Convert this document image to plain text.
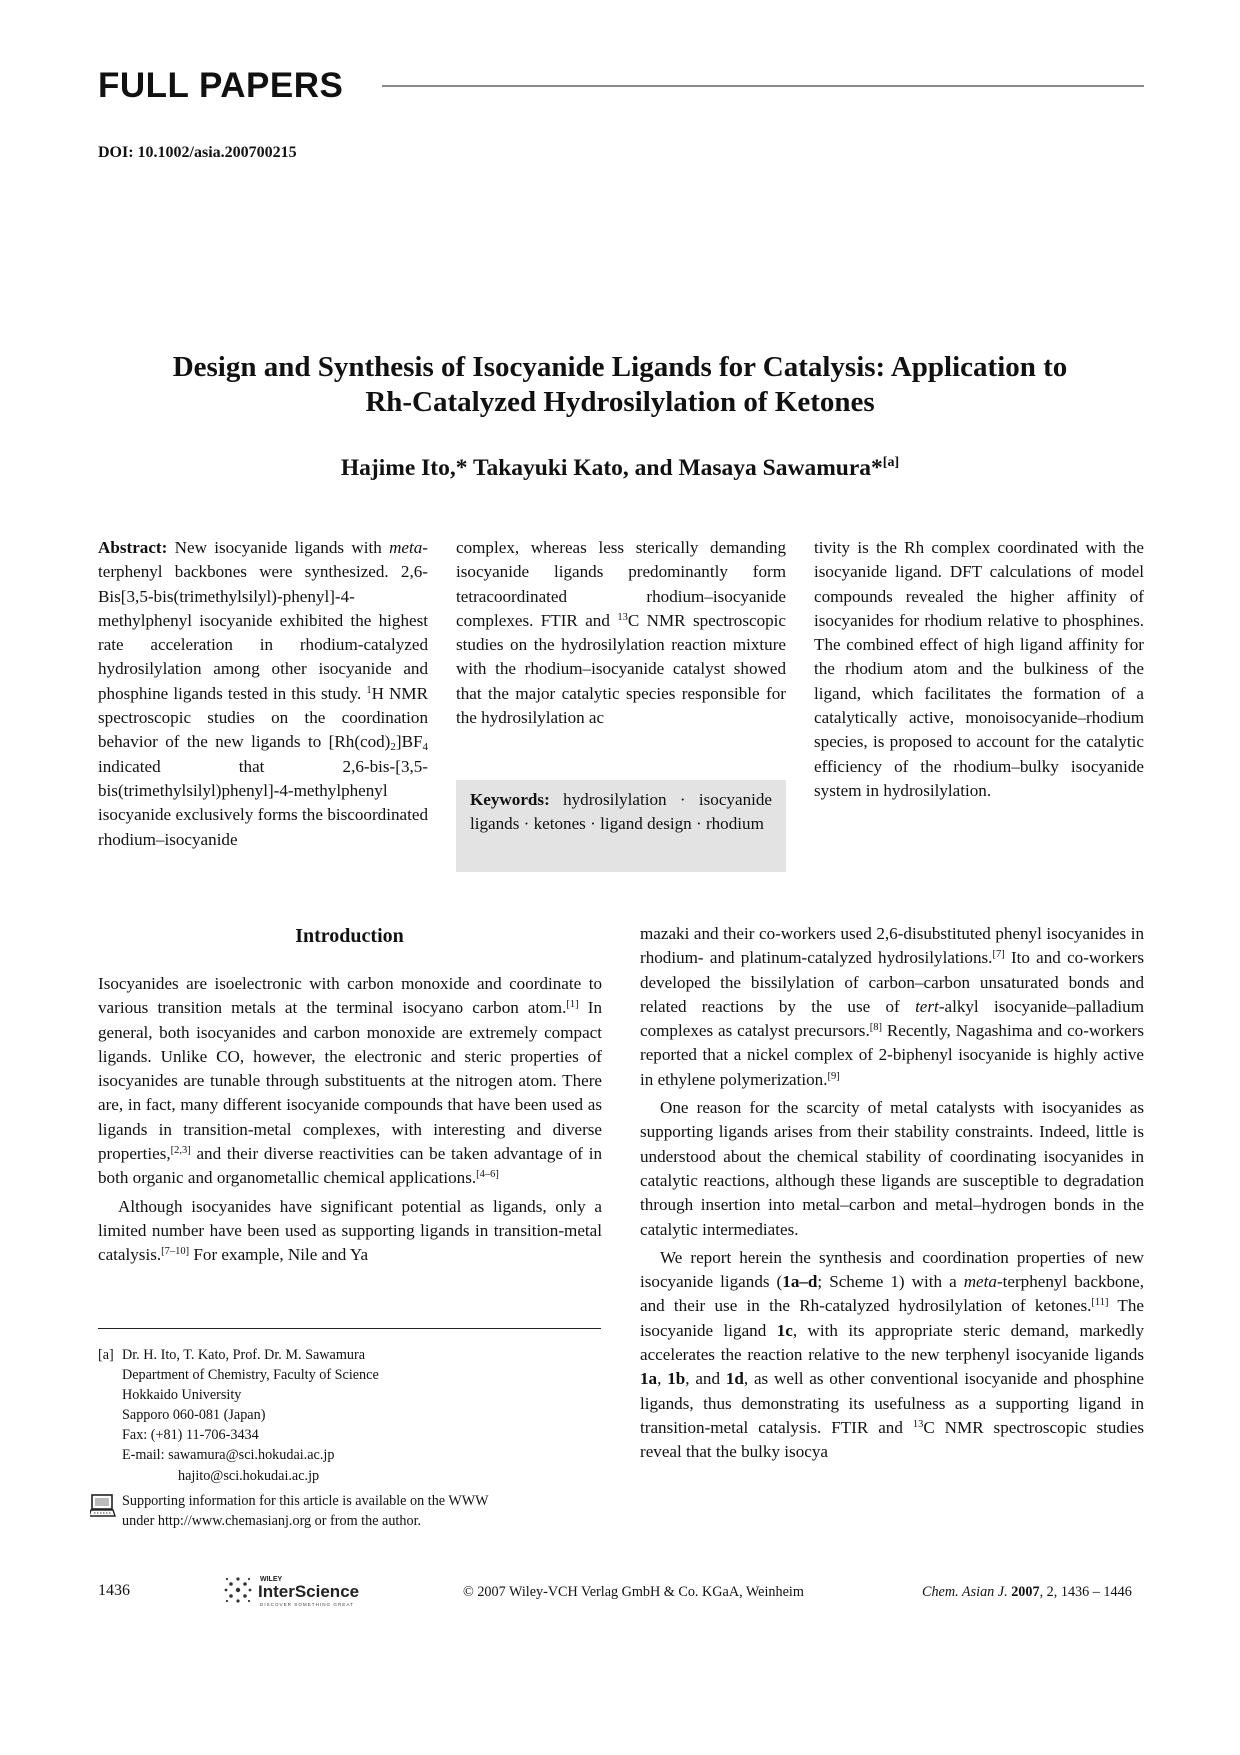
FULL PAPERS
DOI: 10.1002/asia.200700215
Design and Synthesis of Isocyanide Ligands for Catalysis: Application to
Rh-Catalyzed Hydrosilylation of Ketones
Hajime Ito,* Takayuki Kato, and Masaya Sawamura*[a]
Abstract: New isocyanide ligands with meta-terphenyl backbones were synthesized. 2,6-Bis[3,5-bis(trimethylsilyl)-phenyl]-4-methylphenyl isocyanide exhibited the highest rate acceleration in rhodium-catalyzed hydrosilylation among other isocyanide and phosphine ligands tested in this study. $^1$H NMR spectroscopic studies on the coordination behavior of the new ligands to $[Rh(cod)_2]BF_4$ indicated that 2,6-bis-[3,5-bis(trimethylsilyl)phenyl]-4-methylphenyl isocyanide exclusively forms the biscoordinated rhodium–isocyanide
complex, whereas less sterically demanding isocyanide ligands predominantly form tetracoordinated rhodium–isocyanide complexes. FTIR and $^{13}$C NMR spectroscopic studies on the hydrosilylation reaction mixture with the rhodium–isocyanide catalyst showed that the major catalytic species responsible for the hydrosilylation ac
tivity is the Rh complex coordinated with the isocyanide ligand. DFT calculations of model compounds revealed the higher affinity of isocyanides for rhodium relative to phosphines. The combined effect of high ligand affinity for the rhodium atom and the bulkiness of the ligand, which facilitates the formation of a catalytically active, monoisocyanide–rhodium species, is proposed to account for the catalytic efficiency of the rhodium–bulky isocyanide system in hydrosilylation.
Keywords: hydrosilylation · isocyanide ligands · ketones · ligand design · rhodium
Introduction

Isocyanides are isoelectronic with carbon monoxide and coordinate to various transition metals at the terminal isocyano carbon atom.[1] In general, both isocyanides and carbon monoxide are extremely compact ligands. Unlike CO, however, the electronic and steric properties of isocyanides are tunable through substituents at the nitrogen atom. There are, in fact, many different isocyanide compounds that have been used as ligands in transition-metal complexes, with interesting and diverse properties,[2,3] and their diverse reactivities can be taken advantage of in both organic and organometallic chemical applications.[4–6]

Although isocyanides have significant potential as ligands, only a limited number have been used as supporting ligands in transition-metal catalysis.[7–10] For example, Nile and Ya

mazaki and their co-workers used 2,6-disubstituted phenyl isocyanides in rhodium- and platinum-catalyzed hydrosilylations.[7] Ito and co-workers developed the bissilylation of carbon–carbon unsaturated bonds and related reactions by the use of tert-alkyl isocyanide–palladium complexes as catalyst precursors.[8] Recently, Nagashima and co-workers reported that a nickel complex of 2-biphenyl isocyanide is highly active in ethylene polymerization.[9]

One reason for the scarcity of metal catalysts with isocyanides as supporting ligands arises from their stability constraints. Indeed, little is understood about the chemical stability of coordinating isocyanides in catalytic reactions, although these ligands are susceptible to degradation through insertion into metal–carbon and metal–hydrogen bonds in the catalytic intermediates.

We report herein the synthesis and coordination properties of new isocyanide ligands (1a–d; Scheme 1) with a meta-terphenyl backbone, and their use in the Rh-catalyzed hydrosilylation of ketones.[11] The isocyanide ligand 1c, with its appropriate steric demand, markedly accelerates the reaction relative to the new terphenyl isocyanide ligands 1a, 1b, and 1d, as well as other conventional isocyanide and phosphine ligands, thus demonstrating its usefulness as a supporting ligand in transition-metal catalysis. FTIR and $^{13}$C NMR spectroscopic studies reveal that the bulky isocya

[a] Dr. H. Ito, T. Kato, Prof. Dr. M. Sawamura
Department of Chemistry, Faculty of Science
Hokkaido University
Sapporo 060-081 (Japan)
Fax: (+81) 11-706-3434
E-mail: sawamura@sci.hokudai.ac.jp
hajito@sci.hokudai.ac.jp
Supporting information for this article is available on the WWW
under http://www.chemasianj.org or from the author.
1436
WILEY
InterScience
DISCOVER SOMETHING GREAT
© 2007 Wiley-VCH Verlag GmbH & Co. KGaA, Weinheim	Chem. Asian J. 2007, 2, 1436 – 1446
